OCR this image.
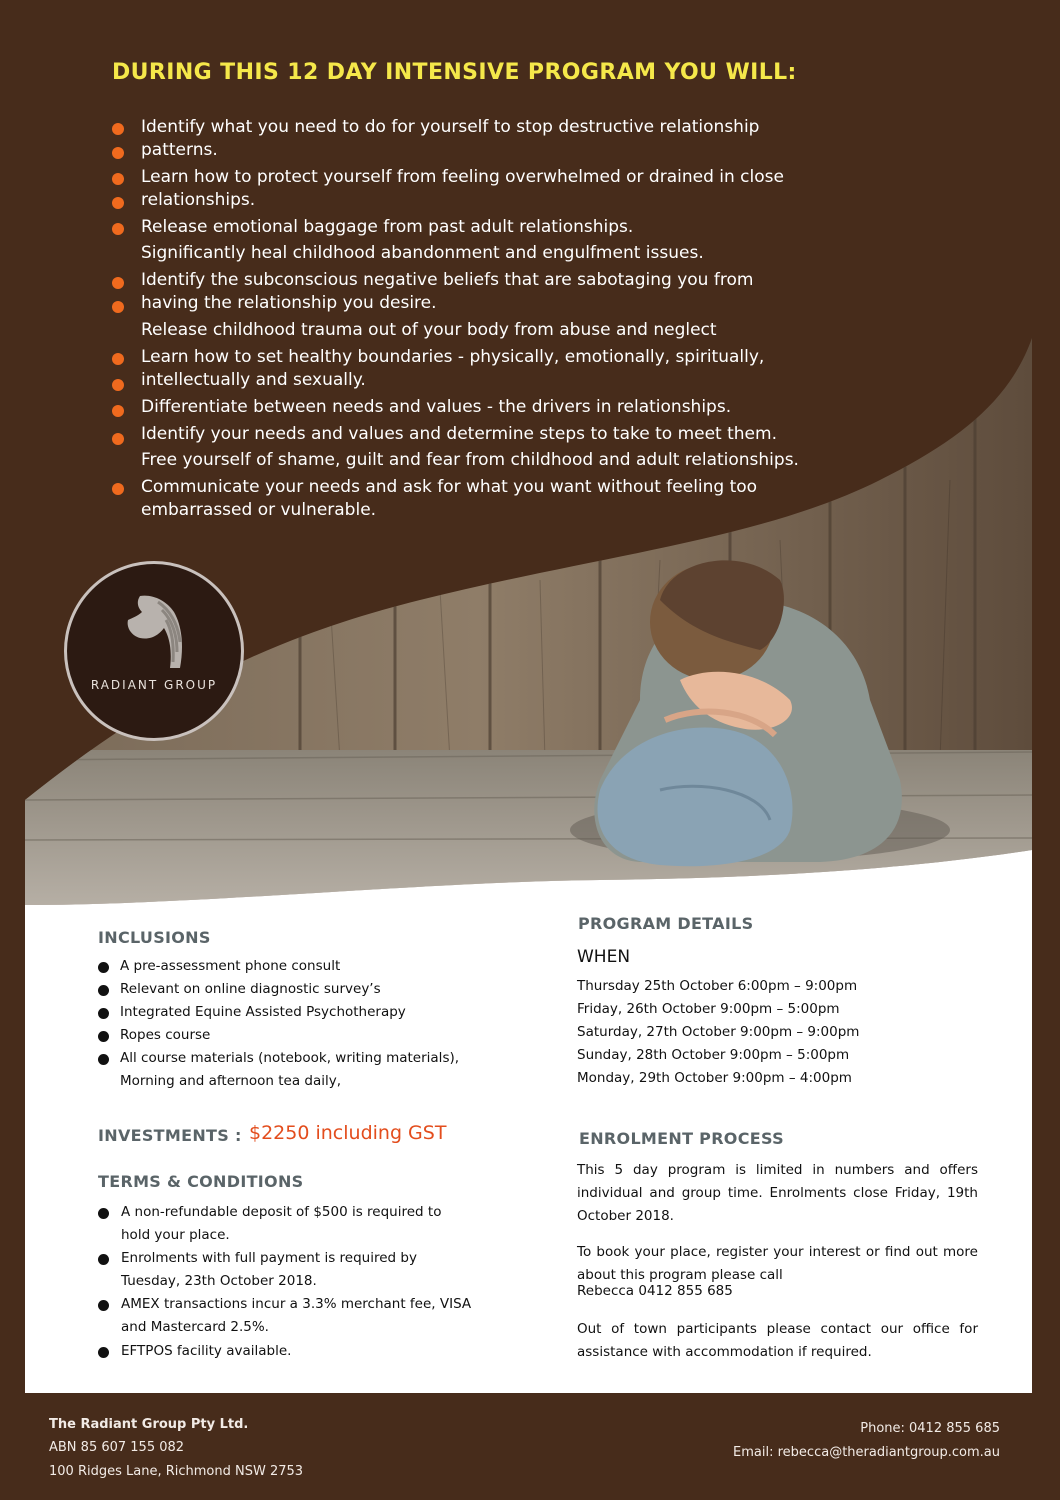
DURING THIS 12 DAY INTENSIVE PROGRAM YOU WILL:
Identify what you need to do for yourself to stop destructive relationship
patterns.
Learn how to protect yourself from feeling overwhelmed or drained in close
relationships.
Release emotional baggage from past adult relationships.
Significantly heal childhood abandonment and engulfment issues.
Identify the subconscious negative beliefs that are sabotaging you from
having the relationship you desire.
Release childhood trauma out of your body from abuse and neglect
Learn how to set healthy boundaries - physically, emotionally, spiritually,
intellectually and sexually.
Differentiate between needs and values - the drivers in relationships.
Identify your needs and values and determine steps to take to meet them.
Free yourself of shame, guilt and fear from childhood and adult relationships.
Communicate your needs and ask for what you want without feeling too
embarrassed or vulnerable.
RADIANT GROUP
INCLUSIONS
A pre-assessment phone consult
Relevant on online diagnostic survey’s
Integrated Equine Assisted Psychotherapy
Ropes course
All course materials (notebook, writing materials),
Morning and afternoon tea daily,
INVESTMENTS : $2250 including GST
TERMS & CONDITIONS
A non-refundable deposit of $500 is required to
hold your place.
Enrolments with full payment is required by
Tuesday, 23th October 2018.
AMEX transactions incur a 3.3% merchant fee, VISA
and Mastercard 2.5%.
EFTPOS facility available.
PROGRAM DETAILS
WHEN
Thursday 25th October 6:00pm – 9:00pm
Friday, 26th October 9:00pm – 5:00pm
Saturday, 27th October 9:00pm – 9:00pm
Sunday, 28th October 9:00pm – 5:00pm
Monday, 29th October 9:00pm – 4:00pm
ENROLMENT PROCESS
This 5 day program is limited in numbers and offers individual and group time. Enrolments close Friday, 19th October 2018.
To book your place, register your interest or find out more about this program please call
Rebecca 0412 855 685
Out of town participants please contact our office for assistance with accommodation if required.
The Radiant Group Pty Ltd.
ABN 85 607 155 082
100 Ridges Lane, Richmond NSW 2753
Phone: 0412 855 685
Email: rebecca@theradiantgroup.com.au
